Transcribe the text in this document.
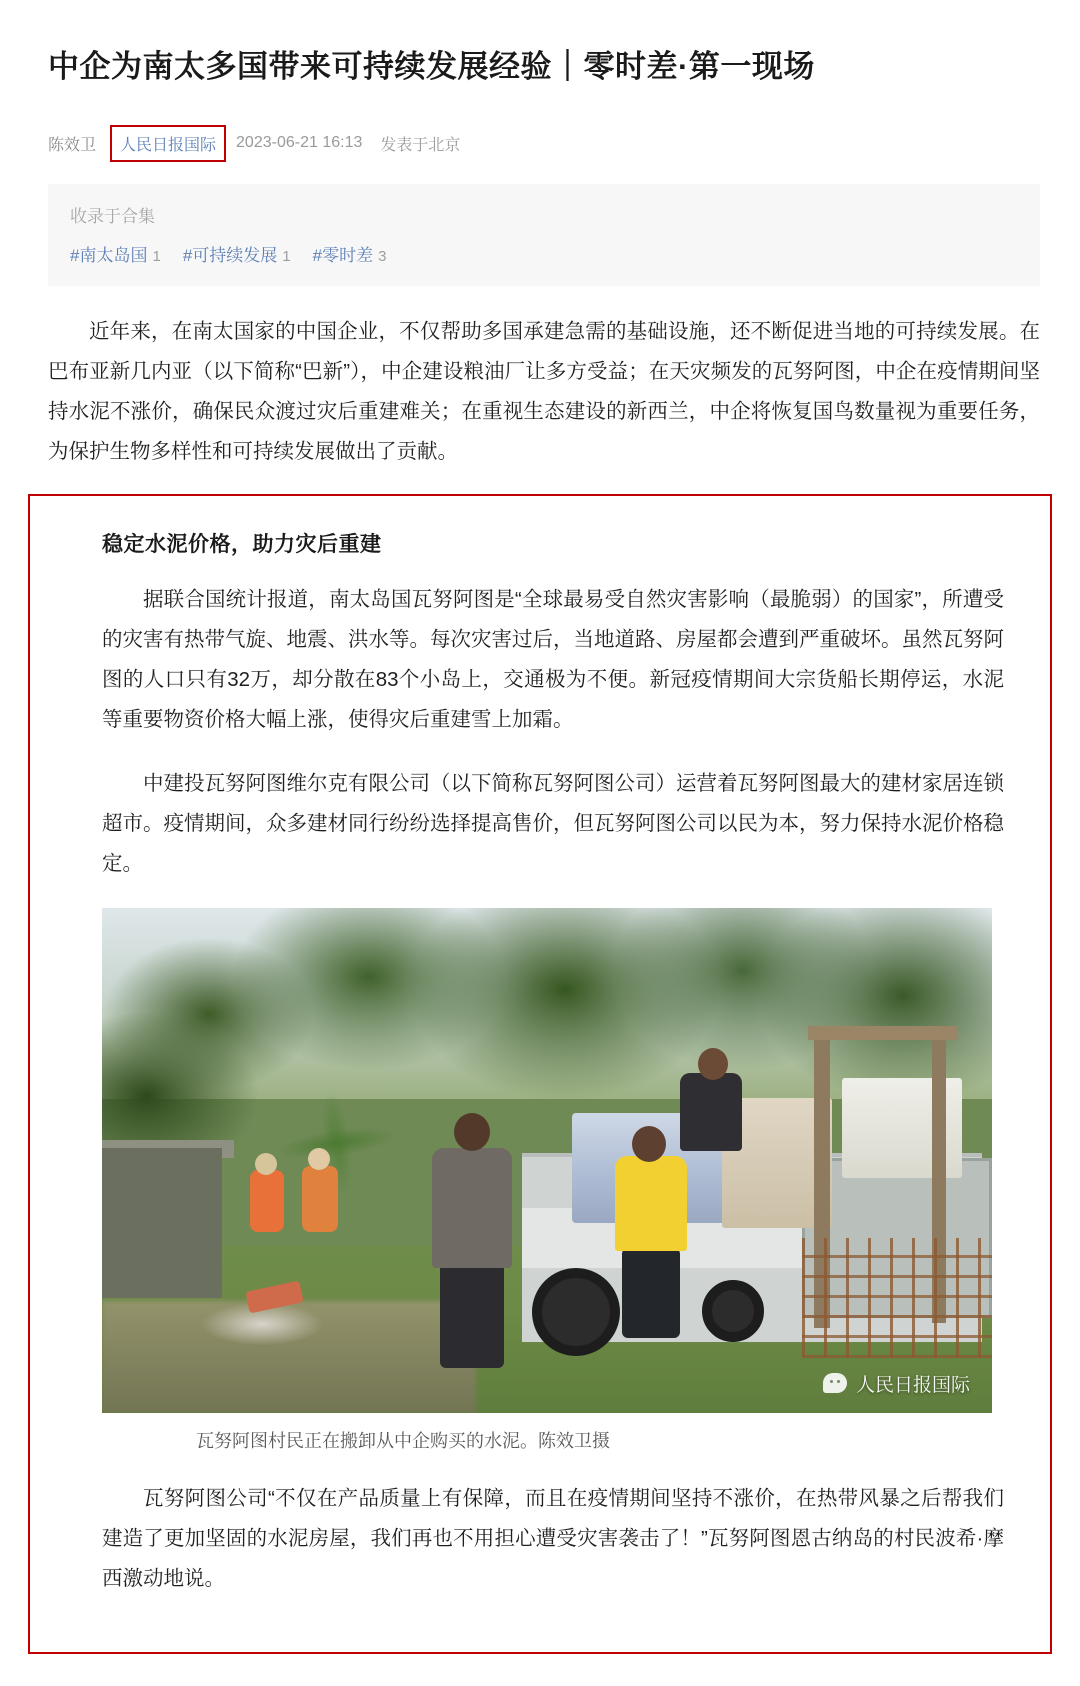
中企为南太多国带来可持续发展经验｜零时差·第一现场
陈效卫	人民日报国际	2023-06-21 16:13 发表于北京
收录于合集
#南太岛国 1 #可持续发展 1 #零时差 3

近年来，在南太国家的中国企业，不仅帮助多国承建急需的基础设施，还不断促进当地的可持续发展。在巴布亚新几内亚（以下简称“巴新”），中企建设粮油厂让多方受益；在天灾频发的瓦努阿图，中企在疫情期间坚持水泥不涨价，确保民众渡过灾后重建难关；在重视生态建设的新西兰，中企将恢复国鸟数量视为重要任务，为保护生物多样性和可持续发展做出了贡献。

稳定水泥价格，助力灾后重建

据联合国统计报道，南太岛国瓦努阿图是“全球最易受自然灾害影响（最脆弱）的国家”，所遭受的灾害有热带气旋、地震、洪水等。每次灾害过后，当地道路、房屋都会遭到严重破坏。虽然瓦努阿图的人口只有32万，却分散在83个小岛上，交通极为不便。新冠疫情期间大宗货船长期停运，水泥等重要物资价格大幅上涨，使得灾后重建雪上加霜。

中建投瓦努阿图维尔克有限公司（以下简称瓦努阿图公司）运营着瓦努阿图最大的建材家居连锁超市。疫情期间，众多建材同行纷纷选择提高售价，但瓦努阿图公司以民为本，努力保持水泥价格稳定。

人民日报国际
瓦努阿图村民正在搬卸从中企购买的水泥。陈效卫摄

瓦努阿图公司“不仅在产品质量上有保障，而且在疫情期间坚持不涨价，在热带风暴之后帮我们建造了更加坚固的水泥房屋，我们再也不用担心遭受灾害袭击了！”瓦努阿图恩古纳岛的村民波希·摩西激动地说。
